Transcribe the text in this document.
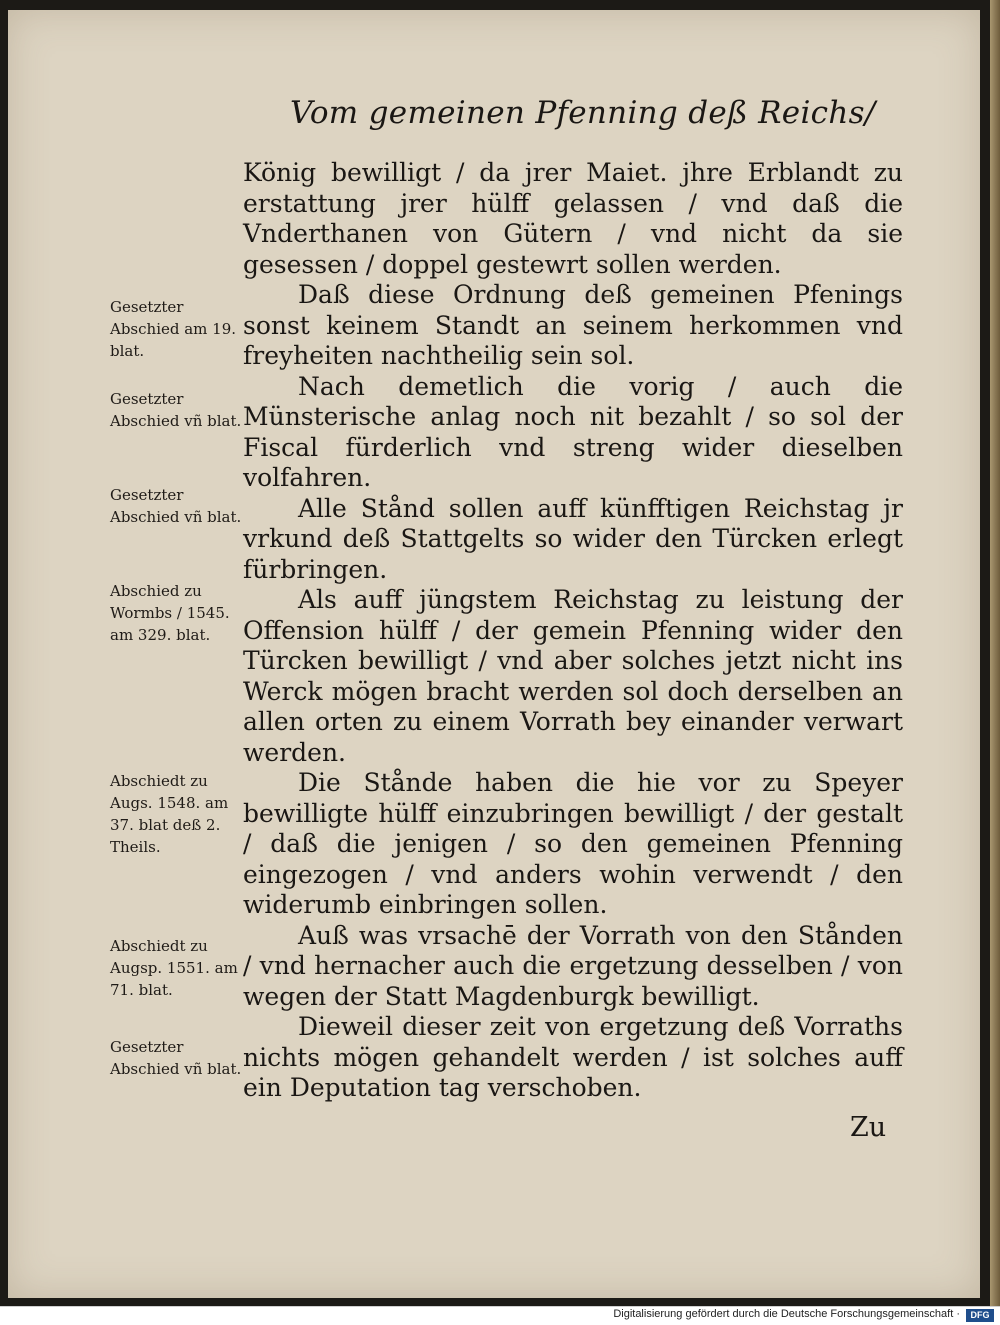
Vom gemeinen Pfenning deß Reichs/

König bewilligt / da jrer Maiet. jhre Erblandt zu erstattung jrer hülff gelassen / vnd daß die Vnderthanen von Gütern / vnd nicht da sie gesessen / doppel gestewrt sollen werden.

Daß diese Ordnung deß gemeinen Pfenings sonst keinem Standt an seinem herkommen vnd freyheiten nachtheilig sein sol.

Nach demetlich die vorig / auch die Münsterische anlag noch nit bezahlt / so sol der Fiscal fürderlich vnd streng wider dieselben volfahren.

Alle Stånd sollen auff künfftigen Reichstag jr vrkund deß Stattgelts so wider den Türcken erlegt fürbringen.

Als auff jüngstem Reichstag zu leistung der Offension hülff / der gemein Pfenning wider den Türcken bewilligt / vnd aber solches jetzt nicht ins Werck mögen bracht werden sol doch derselben an allen orten zu einem Vorrath bey einander verwart werden.

Die Stånde haben die hie vor zu Speyer bewilligte hülff einzubringen bewilligt / der gestalt / daß die jenigen / so den gemeinen Pfenning eingezogen / vnd anders wohin verwendt / den widerumb einbringen sollen.

Auß was vrsachē der Vorrath von den Stånden / vnd hernacher auch die ergetzung desselben / von wegen der Statt Magdenburgk bewilligt.

Dieweil dieser zeit von ergetzung deß Vorraths nichts mögen gehandelt werden / ist solches auff ein Deputation tag verschoben.

Gesetzter Abschied am 19. blat.
Gesetzter Abschied vñ blat.
Gesetzter Abschied vñ blat.
Abschied zu Wormbs / 1545. am 329. blat.
Abschiedt zu Augs. 1548. am 37. blat deß 2. Theils.
Abschiedt zu Augsp. 1551. am 71. blat.
Gesetzter Abschied vñ blat.
Zu
Digitalisierung gefördert durch die Deutsche Forschungsgemeinschaft ·	DFG
